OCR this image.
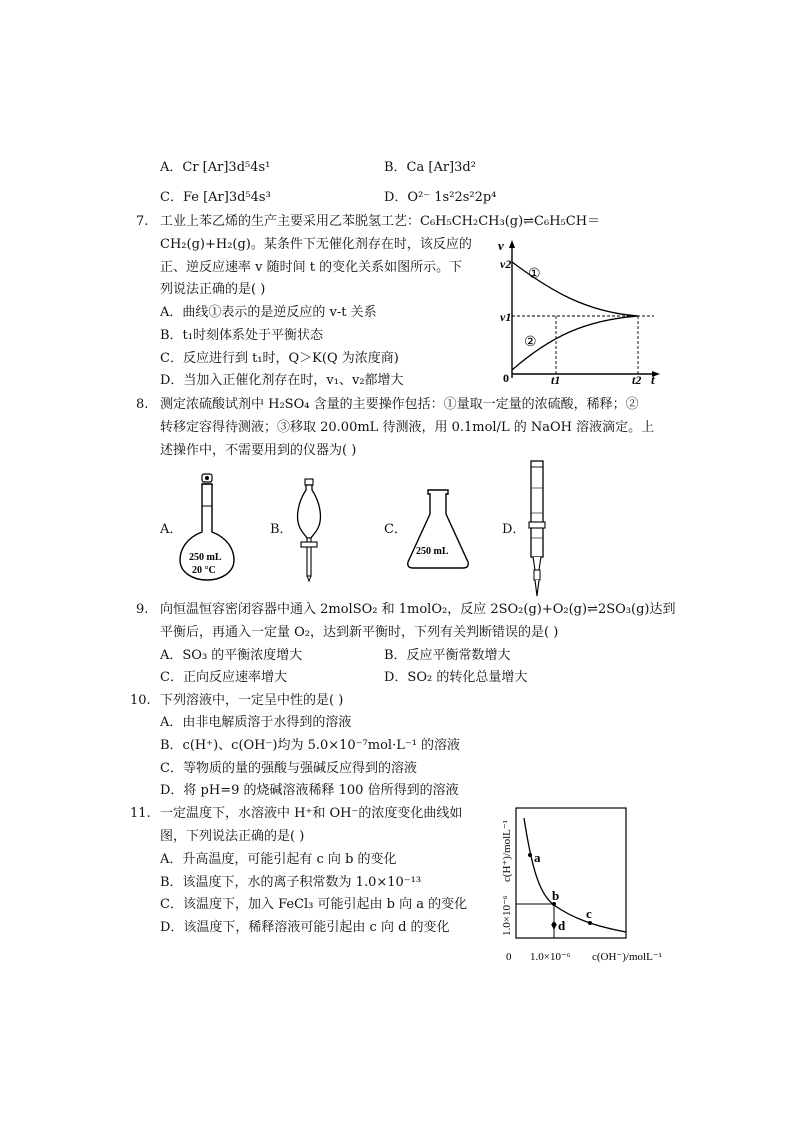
A．Cr [Ar]3d⁵4s¹	B．Ca [Ar]3d²
C．Fe [Ar]3d⁵4s³	D．O²⁻ 1s²2s²2p⁴
7. 工业上苯乙烯的生产主要采用乙苯脱氢工艺：C₆H₅CH₂CH₃(g)⇌C₆H₅CH＝
CH₂(g)+H₂(g)。某条件下无催化剂存在时，该反应的
正、逆反应速率 v 随时间 t 的变化关系如图所示。下
列说法正确的是( )
A．曲线①表示的是逆反应的 v-t 关系
B．t₁时刻体系处于平衡状态
C．反应进行到 t₁时，Q＞K(Q 为浓度商)
D．当加入正催化剂存在时，v₁、v₂都增大
v
t
v2
v1
t1	t2
0
①
②
8. 测定浓硫酸试剂中 H₂SO₄ 含量的主要操作包括：①量取一定量的浓硫酸，稀释；②
转移定容得待测液；③移取 20.00mL 待测液，用 0.1mol/L 的 NaOH 溶液滴定。上
述操作中，不需要用到的仪器为( )
A．	B．	C．	D．
250 mL
20 °C
250 mL
9. 向恒温恒容密闭容器中通入 2molSO₂ 和 1molO₂，反应 2SO₂(g)+O₂(g)⇌2SO₃(g)达到
平衡后，再通入一定量 O₂，达到新平衡时，下列有关判断错误的是( )
A．SO₃ 的平衡浓度增大	B．反应平衡常数增大
C．正向反应速率增大	D．SO₂ 的转化总量增大
10. 下列溶液中，一定呈中性的是( )
A．由非电解质溶于水得到的溶液
B．c(H⁺)、c(OH⁻)均为 5.0×10⁻⁷mol·L⁻¹ 的溶液
C．等物质的量的强酸与强碱反应得到的溶液
D．将 pH=9 的烧碱溶液稀释 100 倍所得到的溶液
11. 一定温度下，水溶液中 H⁺和 OH⁻的浓度变化曲线如
图，下列说法正确的是( )
A．升高温度，可能引起有 c 向 b 的变化
B．该温度下，水的离子积常数为 1.0×10⁻¹³
C．该温度下，加入 FeCl₃ 可能引起由 b 向 a 的变化
D．该温度下，稀释溶液可能引起由 c 向 d 的变化
a
b
c
d
c(H⁺)/molL⁻¹
1.0×10⁻⁶
0 1.0×10⁻⁶ c(OH⁻)/molL⁻¹
